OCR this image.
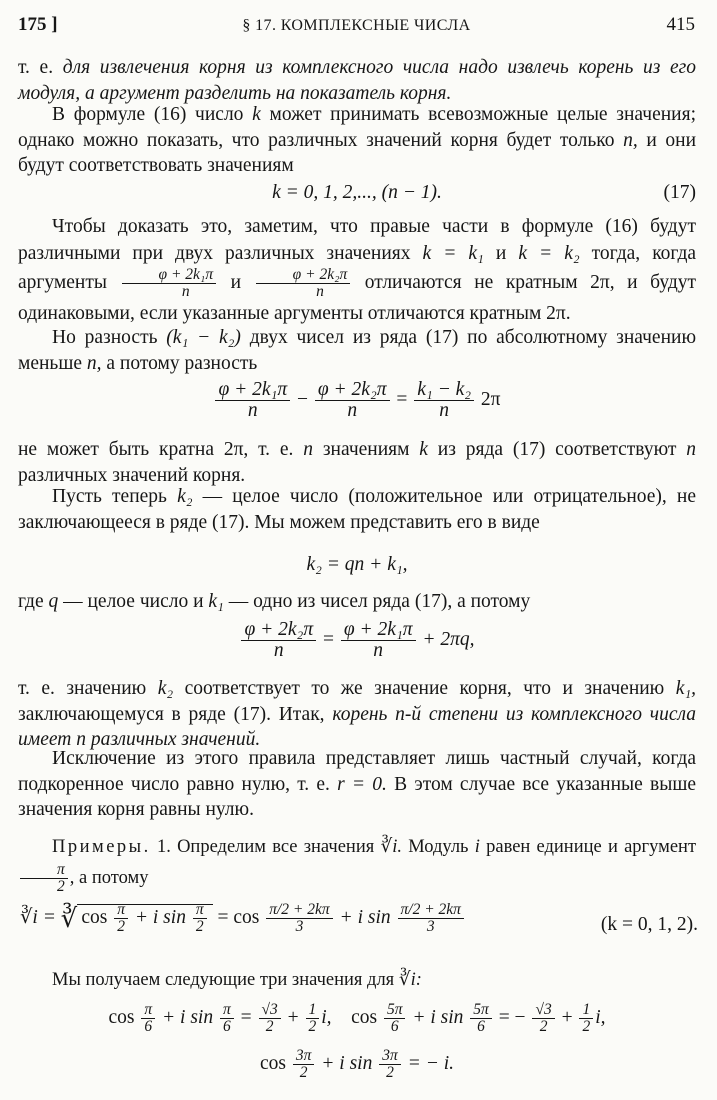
175 ]	§ 17. КОМПЛЕКСНЫЕ ЧИСЛА	415

т. е. для извлечения корня из комплексного числа надо извлечь корень из его модуля, а аргумент разделить на показатель корня.

В формуле (16) число k может принимать всевозможные целые значения; однако можно показать, что различных значений корня будет только n, и они будут соответствовать значениям

k = 0, 1, 2,..., (n − 1).	(17)

Чтобы доказать это, заметим, что правые части в формуле (16) будут различными при двух различных значениях k = k₁ и k = k₂ тогда, когда аргументы $\frac{\text{φ + 2k₁π}}{n}$ и $\frac{\text{φ + 2k₂π}}{n}$ отличаются не кратным 2π, и будут одинаковыми, если указанные аргументы отличаются кратным 2π.

Но разность (k₁ − k₂) двух чисел из ряда (17) по абсолютному значению меньше n, а потому разность

$\frac{\text{φ + 2k₁π}}{n} - \frac{\text{φ + 2k₂π}}{n} = \frac{\text{k₁ − k₂}}{n} 2\pi$

не может быть кратна 2π, т. е. n значениям k из ряда (17) соответствуют n различных значений корня.

Пусть теперь k₂ — целое число (положительное или отрицательное), не заключающееся в ряде (17). Мы можем представить его в виде

k₂ = qn + k₁,

где q — целое число и k₁ — одно из чисел ряда (17), а потому

$\frac{\text{φ + 2k₂π}}{n} = \frac{\text{φ + 2k₁π}}{n} + 2\pi q$,

т. е. значению k₂ соответствует то же значение корня, что и значению k₁, заключающемуся в ряде (17). Итак, корень n-й степени из комплексного числа имеет n различных значений.

Исключение из этого правила представляет лишь частный случай, когда подкоренное число равно нулю, т. е. r = 0. В этом случае все указанные выше значения корня равны нулю.

Примеры. 1. Определим все значения ∛i. Модуль i равен единице и аргумент
$\frac{\pi}{2}$ , а потому

∛i = ∛ $\cos \frac{\pi}{2} + i$ $\sin \frac{\pi}{2} = \cos \frac{\pi/2 + 2k\pi}{3} + i$ $\sin \frac{\pi/2 + 2k\pi}{3}$	(k = 0, 1, 2).

Мы получаем следующие три значения для ∛i:

$\cos \frac{\pi}{6} + i$ $\sin \frac{\pi}{6} = \frac{√3}{2} + \frac{1}{2} i$, $\cos \frac{5\pi}{6} + i$ $\sin \frac{5\pi}{6}$ = − $\frac{√3}{2} + \frac{1}{2} i$,
$\cos \frac{3\pi}{2} + i$ $\sin \frac{3\pi}{2}$ = − i.
